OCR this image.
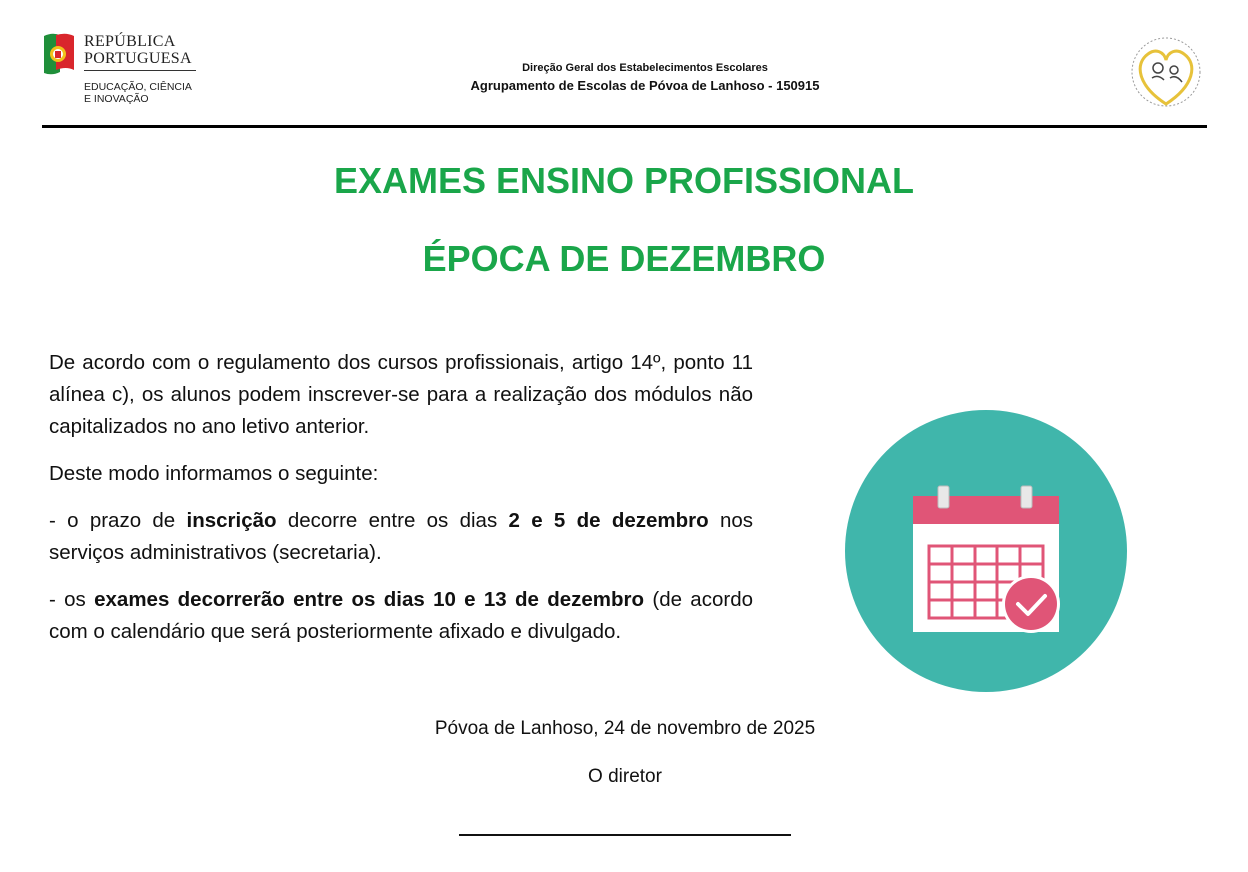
REPÚBLICA
PORTUGUESA
EDUCAÇÃO, CIÊNCIA
E INOVAÇÃO
Direção Geral dos Estabelecimentos Escolares
Agrupamento de Escolas de Póvoa de Lanhoso - 150915
EXAMES ENSINO PROFISSIONAL
ÉPOCA DE DEZEMBRO

De acordo com o regulamento dos cursos profissionais, artigo 14º, ponto 11 alínea c), os alunos podem inscrever-se para a realização dos módulos não capitalizados no ano letivo anterior.

Deste modo informamos o seguinte:

- o prazo de inscrição decorre entre os dias 2 e 5 de dezembro nos serviços administrativos (secretaria).

- os exames decorrerão entre os dias 10 e 13 de dezembro (de acordo com o calendário que será posteriormente afixado e divulgado.

Póvoa de Lanhoso, 24 de novembro de 2025
O diretor
